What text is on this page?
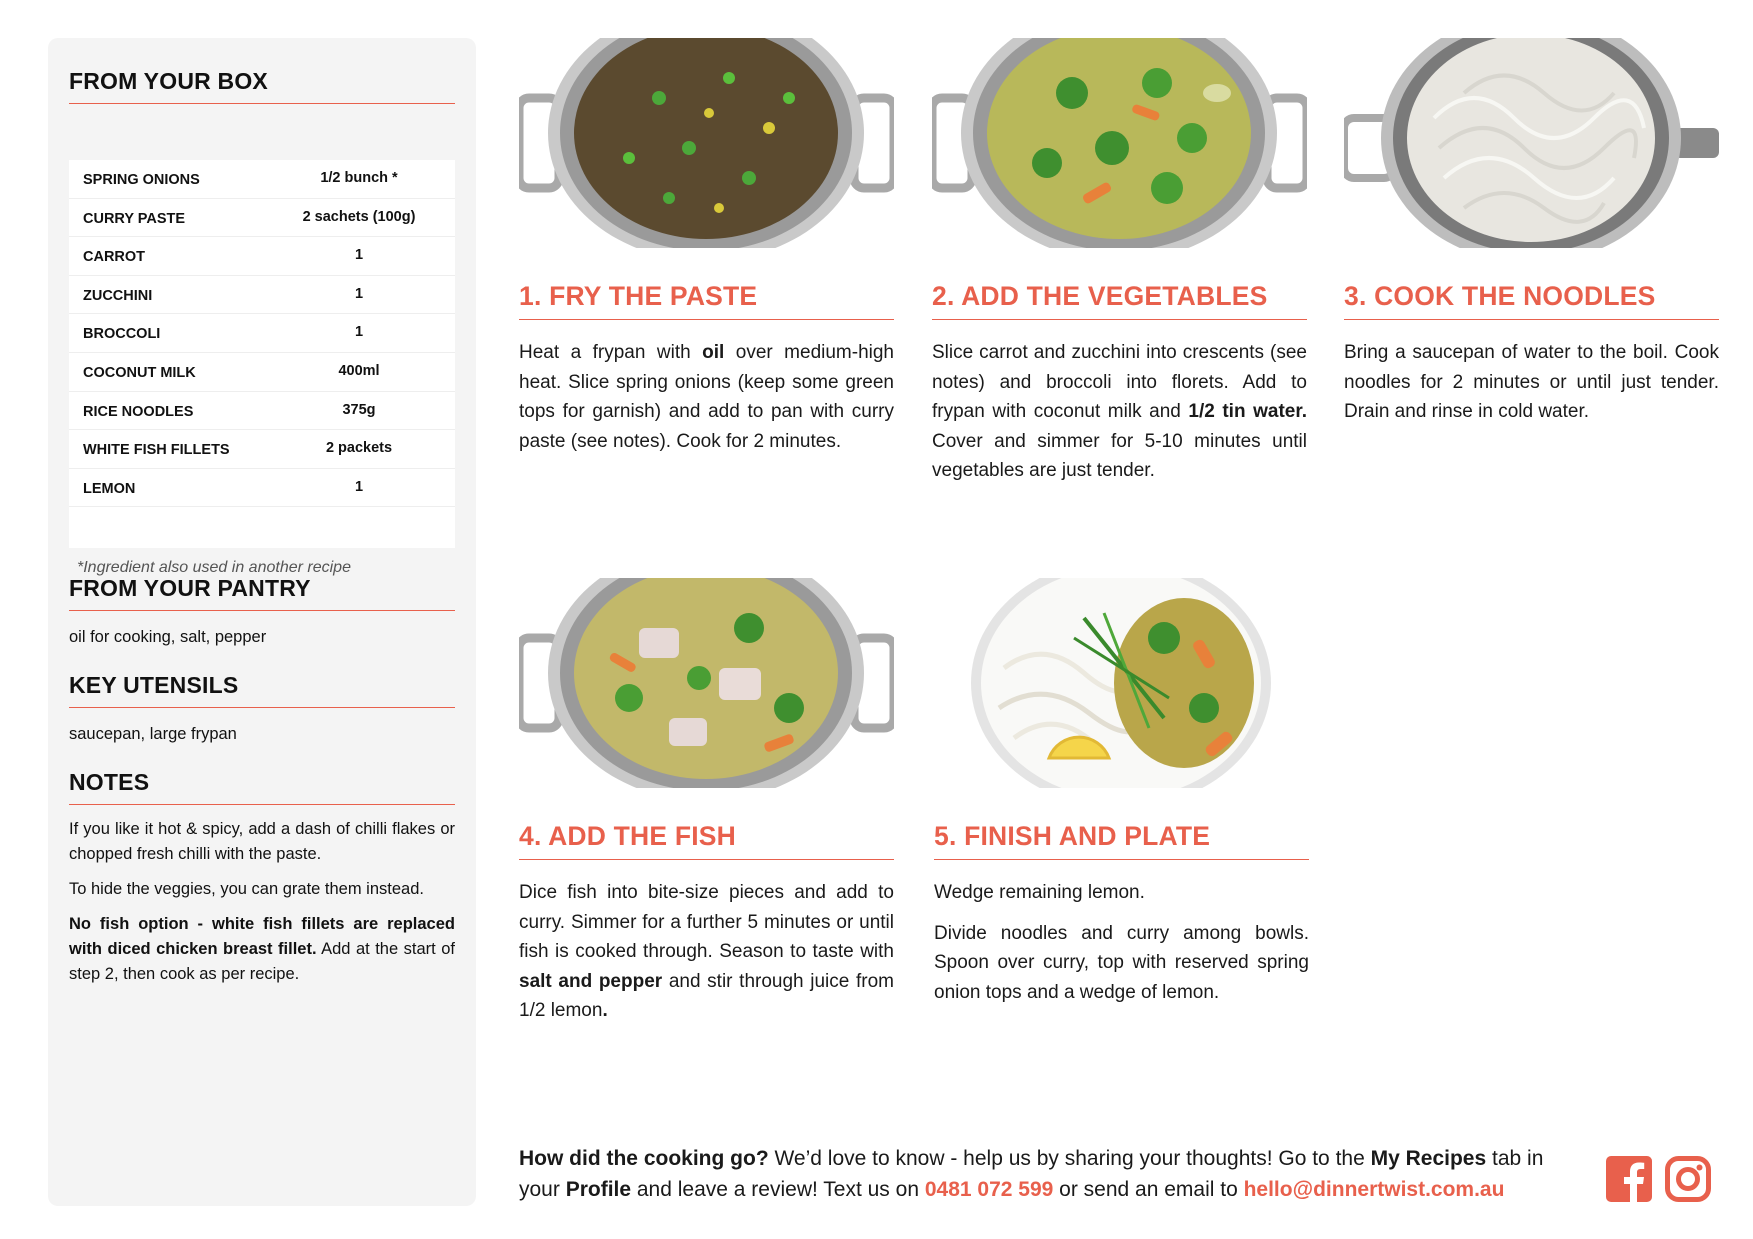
FROM YOUR BOX
SPRING ONIONS	1/2 bunch *
CURRY PASTE	2 sachets (100g)
CARROT	1
ZUCCHINI	1
BROCCOLI	1
COCONUT MILK	400ml
RICE NOODLES	375g
WHITE FISH FILLETS	2 packets
LEMON	1
*Ingredient also used in another recipe
FROM YOUR PANTRY
oil for cooking, salt, pepper
KEY UTENSILS
saucepan, large frypan
NOTES

If you like it hot & spicy, add a dash of chilli flakes or chopped fresh chilli with the paste.

To hide the veggies, you can grate them instead.

No fish option - white fish fillets are replaced with diced chicken breast fillet. Add at the start of step 2, then cook as per recipe.

1. FRY THE PASTE

Heat a frypan with oil over medium-high heat. Slice spring onions (keep some green tops for garnish) and add to pan with curry paste (see notes). Cook for 2 minutes.

2. ADD THE VEGETABLES

Slice carrot and zucchini into crescents (see notes) and broccoli into florets. Add to frypan with coconut milk and 1/2 tin water. Cover and simmer for 5-10 minutes until vegetables are just tender.

3. COOK THE NOODLES

Bring a saucepan of water to the boil. Cook noodles for 2 minutes or until just tender. Drain and rinse in cold water.

4. ADD THE FISH

Dice fish into bite-size pieces and add to curry. Simmer for a further 5 minutes or until fish is cooked through. Season to taste with salt and pepper and stir through juice from 1/2 lemon.

5. FINISH AND PLATE

Wedge remaining lemon.

Divide noodles and curry among bowls. Spoon over curry, top with reserved spring onion tops and a wedge of lemon.

How did the cooking go? We’d love to know - help us by sharing your thoughts! Go to the My Recipes tab in your Profile and leave a review! Text us on 0481 072 599 or send an email to hello@dinnertwist.com.au
